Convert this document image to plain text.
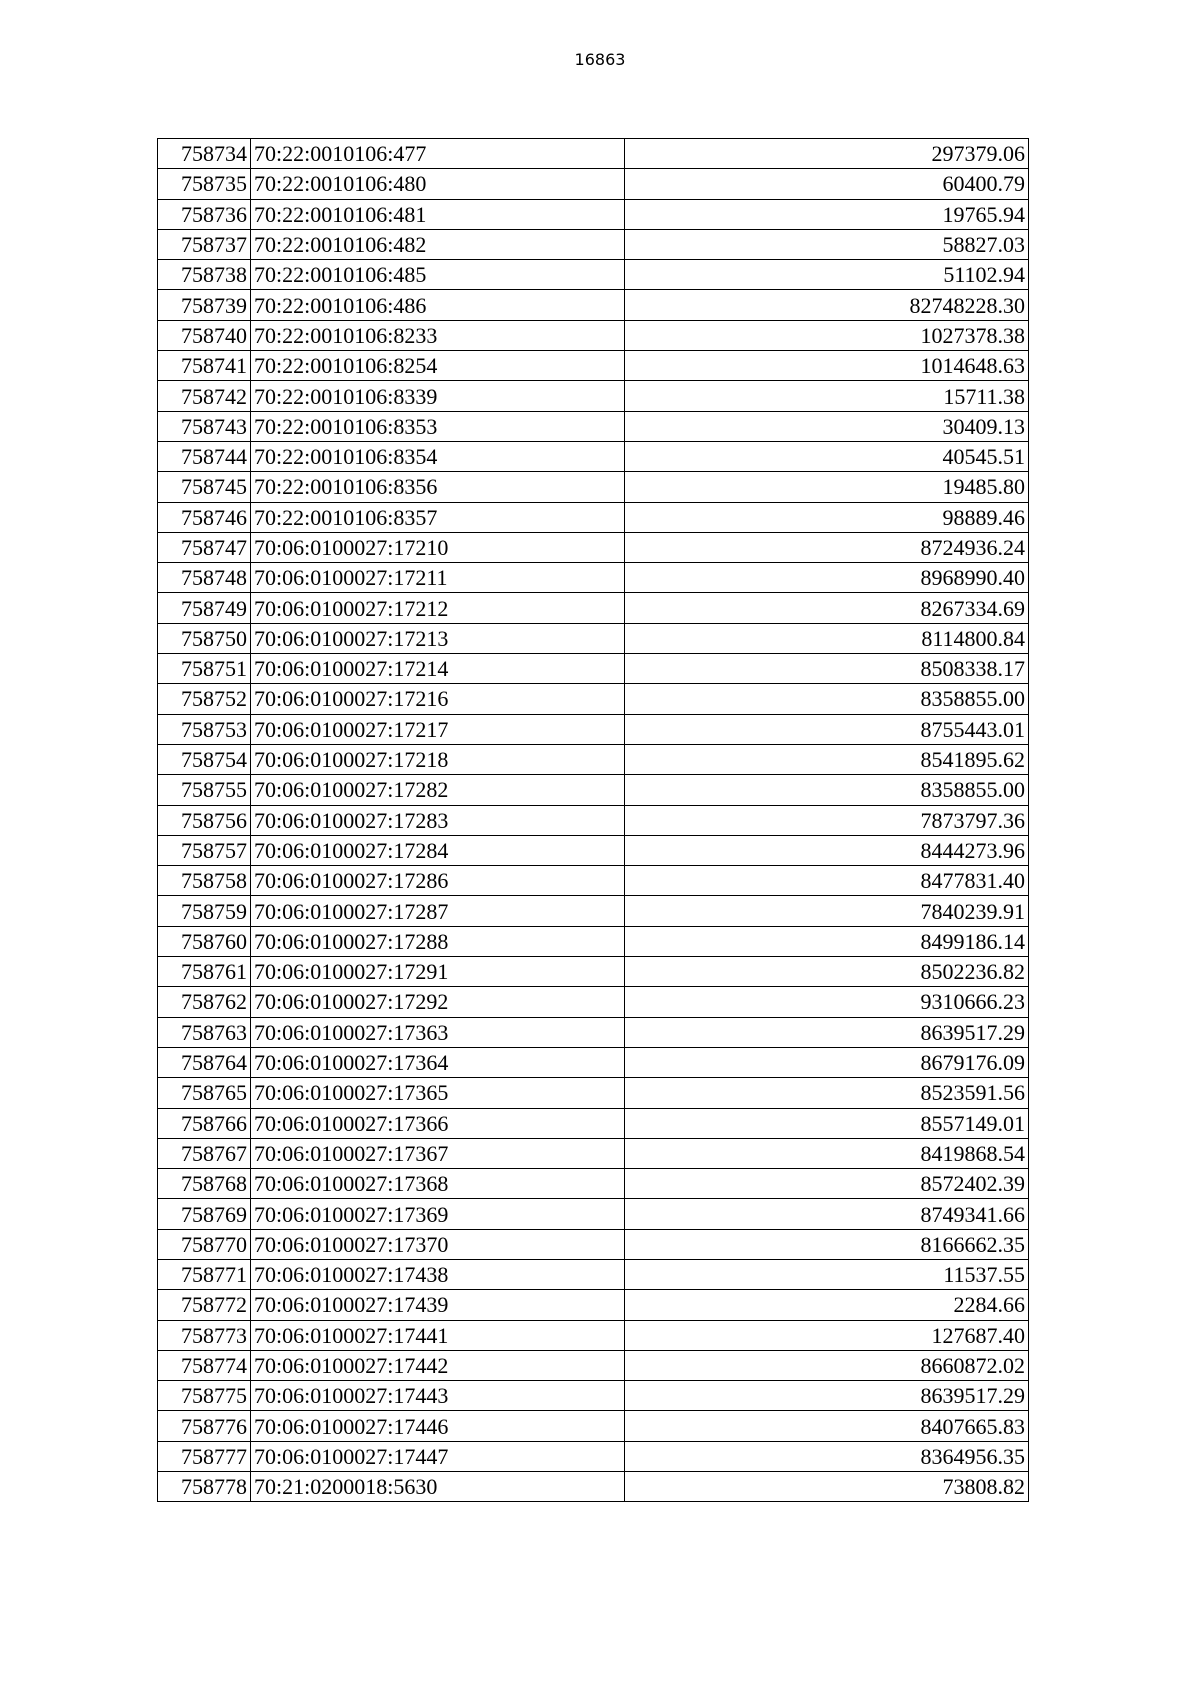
16863
758734	70:22:0010106:477	297379.06
758735	70:22:0010106:480	60400.79
758736	70:22:0010106:481	19765.94
758737	70:22:0010106:482	58827.03
758738	70:22:0010106:485	51102.94
758739	70:22:0010106:486	82748228.30
758740	70:22:0010106:8233	1027378.38
758741	70:22:0010106:8254	1014648.63
758742	70:22:0010106:8339	15711.38
758743	70:22:0010106:8353	30409.13
758744	70:22:0010106:8354	40545.51
758745	70:22:0010106:8356	19485.80
758746	70:22:0010106:8357	98889.46
758747	70:06:0100027:17210	8724936.24
758748	70:06:0100027:17211	8968990.40
758749	70:06:0100027:17212	8267334.69
758750	70:06:0100027:17213	8114800.84
758751	70:06:0100027:17214	8508338.17
758752	70:06:0100027:17216	8358855.00
758753	70:06:0100027:17217	8755443.01
758754	70:06:0100027:17218	8541895.62
758755	70:06:0100027:17282	8358855.00
758756	70:06:0100027:17283	7873797.36
758757	70:06:0100027:17284	8444273.96
758758	70:06:0100027:17286	8477831.40
758759	70:06:0100027:17287	7840239.91
758760	70:06:0100027:17288	8499186.14
758761	70:06:0100027:17291	8502236.82
758762	70:06:0100027:17292	9310666.23
758763	70:06:0100027:17363	8639517.29
758764	70:06:0100027:17364	8679176.09
758765	70:06:0100027:17365	8523591.56
758766	70:06:0100027:17366	8557149.01
758767	70:06:0100027:17367	8419868.54
758768	70:06:0100027:17368	8572402.39
758769	70:06:0100027:17369	8749341.66
758770	70:06:0100027:17370	8166662.35
758771	70:06:0100027:17438	11537.55
758772	70:06:0100027:17439	2284.66
758773	70:06:0100027:17441	127687.40
758774	70:06:0100027:17442	8660872.02
758775	70:06:0100027:17443	8639517.29
758776	70:06:0100027:17446	8407665.83
758777	70:06:0100027:17447	8364956.35
758778	70:21:0200018:5630	73808.82
